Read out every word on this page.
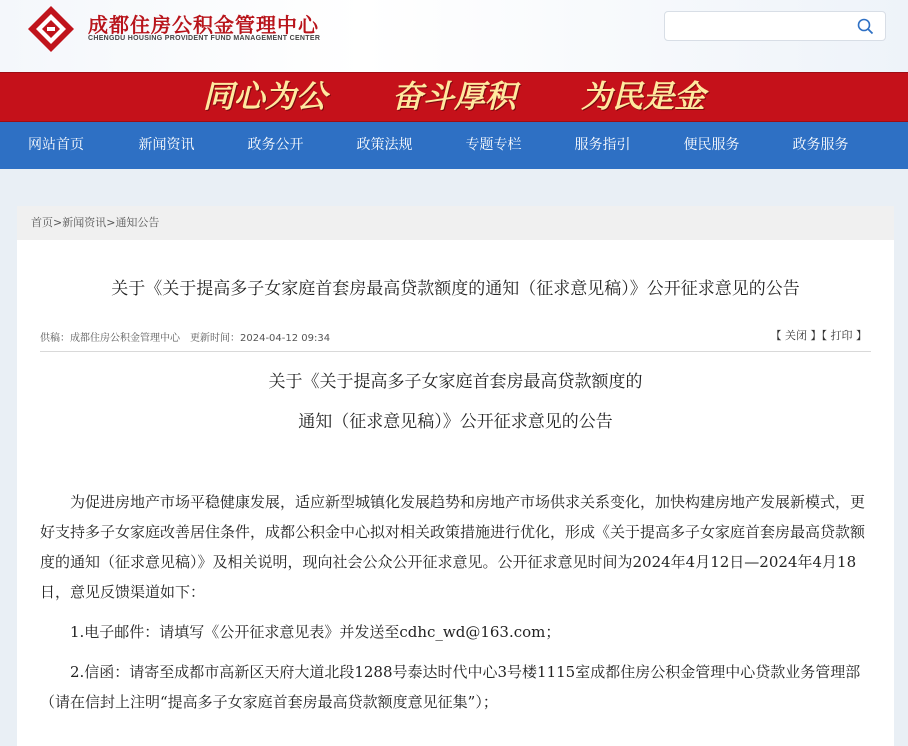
成都住房公积金管理中心
CHENGDU HOUSING PROVIDENT FUND MANAGEMENT CENTER
同心为公 奋斗厚积 为民是金
网站首页	新闻资讯	政务公开	政策法规	专题专栏	服务指引	便民服务	政务服务
首页>新闻资讯>通知公告
关于《关于提高多子女家庭首套房最高贷款额度的通知（征求意见稿）》公开征求意见的公告
供稿：成都住房公积金管理中心 更新时间：2024-04-12 09:34	【 关闭 】【 打印 】
关于《关于提高多子女家庭首套房最高贷款额度的
通知（征求意见稿）》公开征求意见的公告

为促进房地产市场平稳健康发展，适应新型城镇化发展趋势和房地产市场供求关系变化，加快构建房地产发展新模式，更好支持多子女家庭改善居住条件，成都公积金中心拟对相关政策措施进行优化，形成《关于提高多子女家庭首套房最高贷款额度的通知（征求意见稿）》及相关说明，现向社会公众公开征求意见。公开征求意见时间为2024年4月12日—2024年4月18日，意见反馈渠道如下：

1.电子邮件：请填写《公开征求意见表》并发送至cdhc_wd@163.com；

2.信函：请寄至成都市高新区天府大道北段1288号泰达时代中心3号楼1115室成都住房公积金管理中心贷款业务管理部（请在信封上注明“提高多子女家庭首套房最高贷款额度意见征集”）；
